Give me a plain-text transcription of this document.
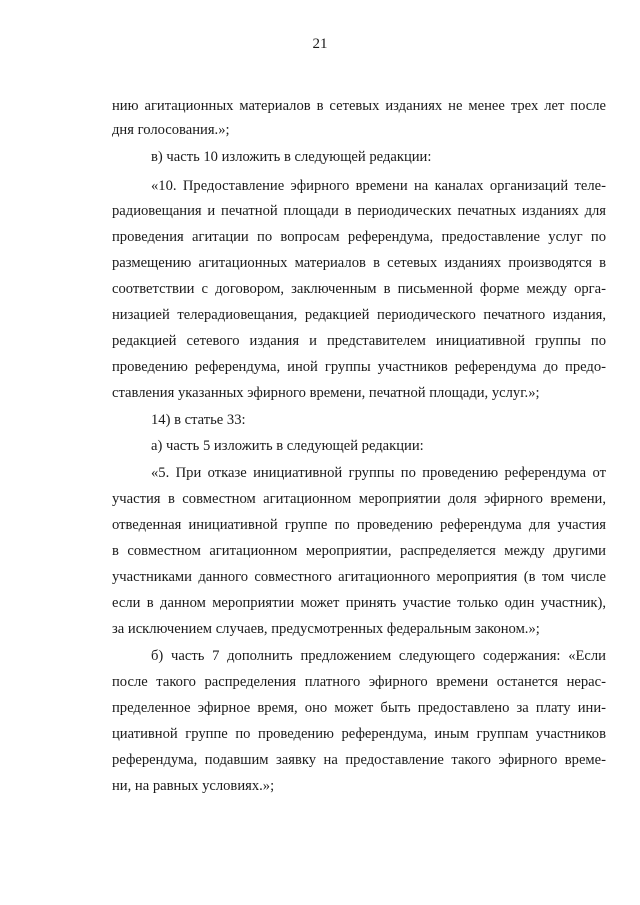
21
нию агитационных материалов в сетевых изданиях не менее трех лет после
дня голосования.»;
в) часть 10 изложить в следующей редакции:
«10. Предоставление эфирного времени на каналах организаций теле-
радиовещания и печатной площади в периодических печатных изданиях для
проведения агитации по вопросам референдума, предоставление услуг по
размещению агитационных материалов в сетевых изданиях производятся в
соответствии с договором, заключенным в письменной форме между орга-
низацией телерадиовещания, редакцией периодического печатного издания,
редакцией сетевого издания и представителем инициативной группы по
проведению референдума, иной группы участников референдума до предо-
ставления указанных эфирного времени, печатной площади, услуг.»;
14) в статье 33:
а) часть 5 изложить в следующей редакции:
«5. При отказе инициативной группы по проведению референдума от
участия в совместном агитационном мероприятии доля эфирного времени,
отведенная инициативной группе по проведению референдума для участия
в совместном агитационном мероприятии, распределяется между другими
участниками данного совместного агитационного мероприятия (в том числе
если в данном мероприятии может принять участие только один участник),
за исключением случаев, предусмотренных федеральным законом.»;
б) часть 7 дополнить предложением следующего содержания: «Если
после такого распределения платного эфирного времени останется нерас-
пределенное эфирное время, оно может быть предоставлено за плату ини-
циативной группе по проведению референдума, иным группам участников
референдума, подавшим заявку на предоставление такого эфирного време-
ни, на равных условиях.»;
